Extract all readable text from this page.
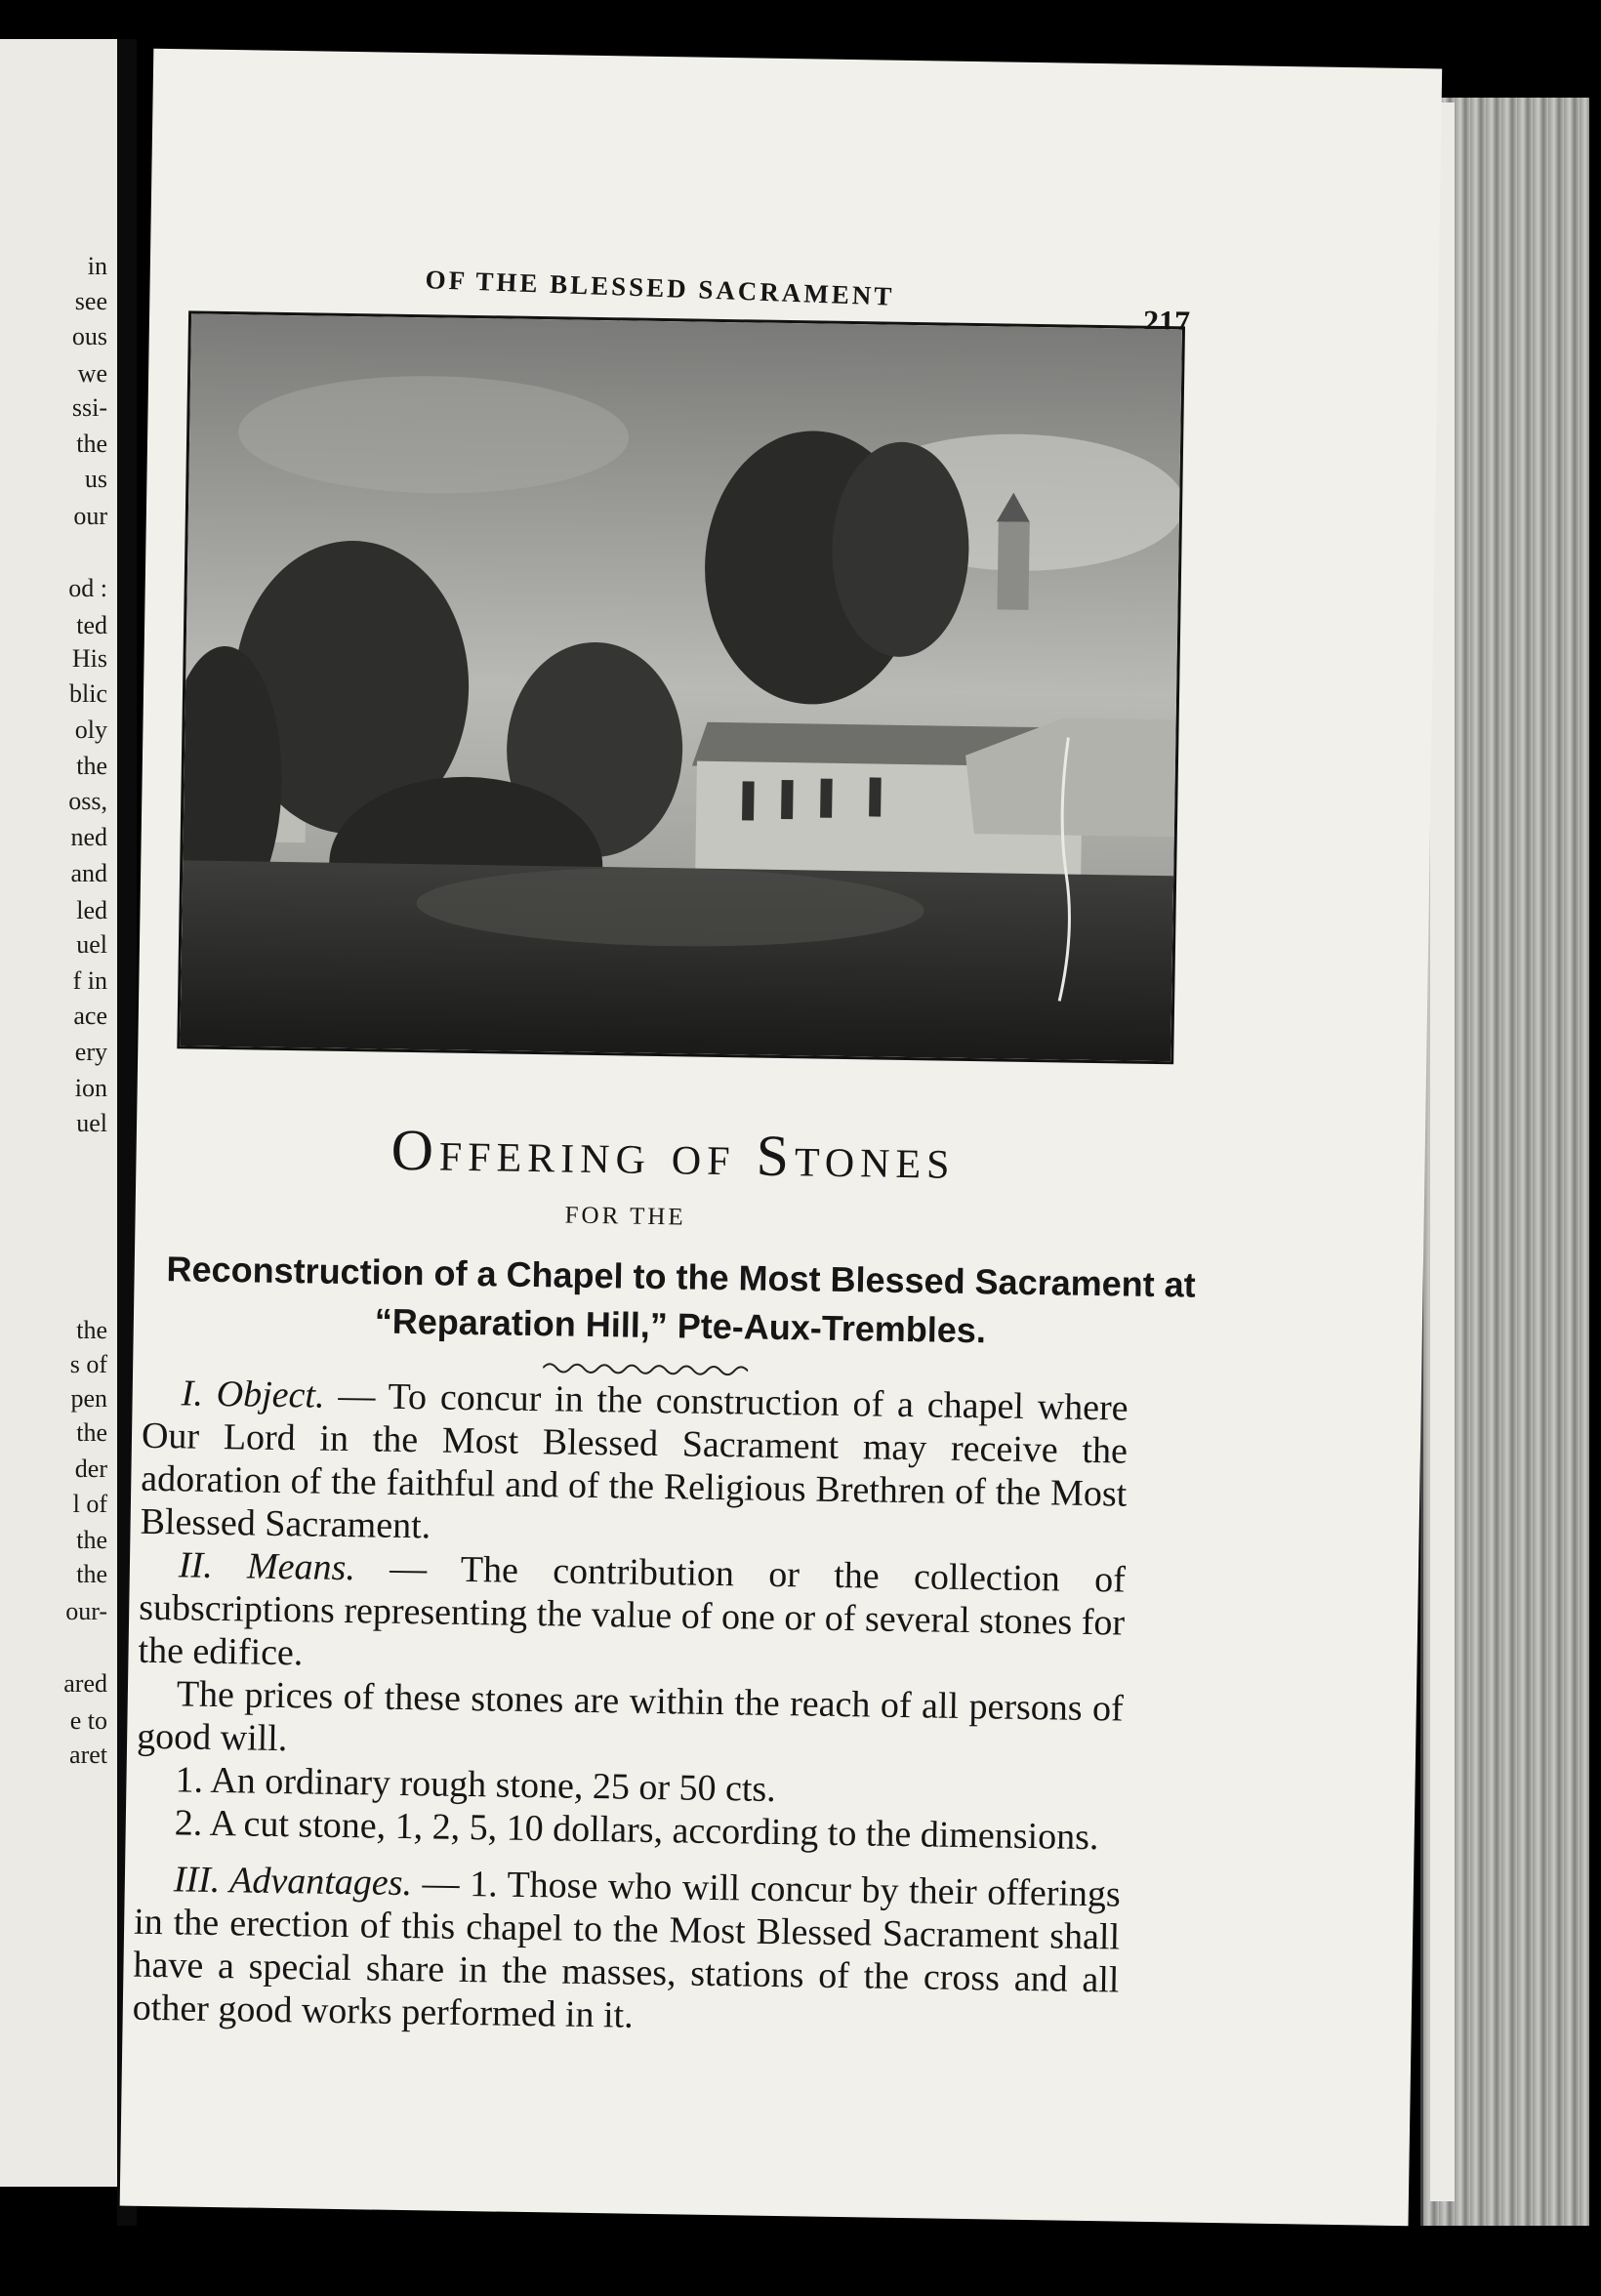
in
see
ous
we
ssi-
the
us
our
od :
ted
His
blic
oly
the
oss,
ned
and
led
uel
f in
ace
ery
ion
uel
the
s of
pen
the
der
l of
the
the
our-
ared
e to
aret
OF THE BLESSED SACRAMENT
217
Offering of Stones
FOR THE
Reconstruction of a Chapel to the Most Blessed Sacrament at “Reparation Hill,” Pte-Aux-Trembles.

I. Object. — To concur in the construction of a chapel where Our Lord in the Most Blessed Sacrament may receive the adoration of the faithful and of the Religious Brethren of the Most Blessed Sacrament.

II. Means. — The contribution or the collection of subscriptions representing the value of one or of several stones for the edifice.

The prices of these stones are within the reach of all persons of good will.

1. An ordinary rough stone, 25 or 50 cts.

2. A cut stone, 1, 2, 5, 10 dollars, according to the dimensions.

III. Advantages. — 1. Those who will concur by their offerings in the erection of this chapel to the Most Blessed Sacrament shall have a special share in the masses, stations of the cross and all other good works performed in it.
